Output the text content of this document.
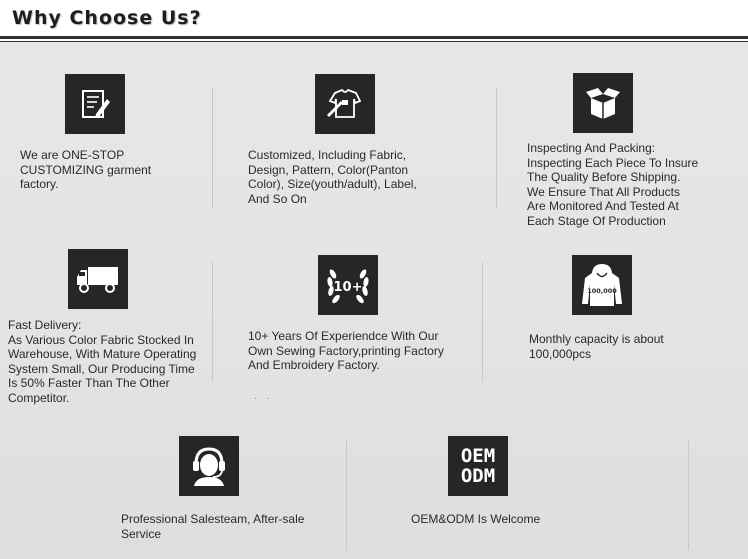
Why Choose Us?
We are ONE-STOP
CUSTOMIZING garment
factory.
Customized, Including Fabric,
Design, Pattern, Color(Panton
Color), Size(youth/adult), Label,
And So On
Inspecting And Packing:
Inspecting Each Piece To Insure
The Quality Before Shipping.
We Ensure That All Products
Are Monitored And Tested At
Each Stage Of Production
Fast Delivery:
As Various Color Fabric Stocked In
Warehouse, With Mature Operating
System Small, Our Producing Time
Is 50% Faster Than The Other
Competitor.
10+
10+ Years Of Experiendce With Our
Own Sewing Factory,printing Factory
And Embroidery Factory.
100,000
Monthly capacity is about
100,000pcs
· ·
Professional Salesteam, After-sale
Service
OEM
ODM
OEM&ODM Is Welcome
